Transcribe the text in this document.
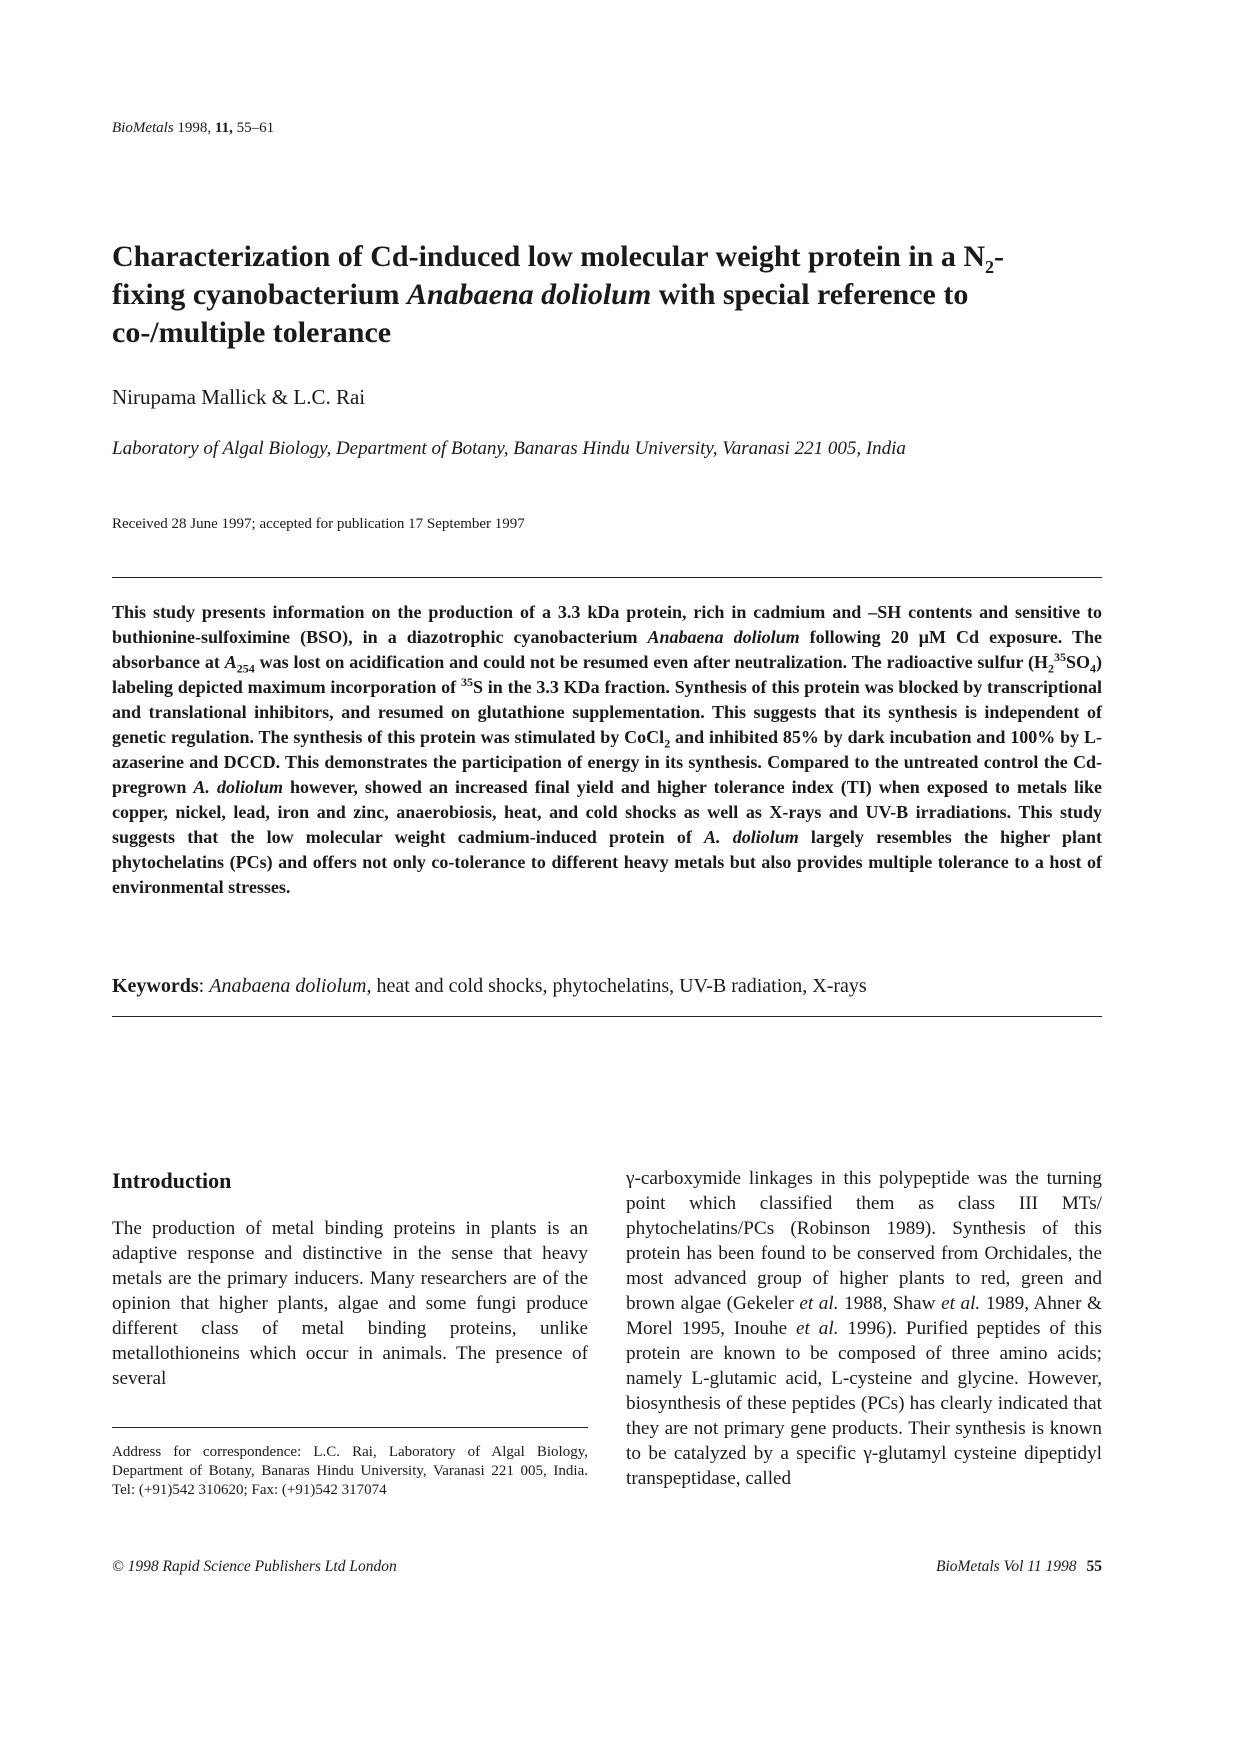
BioMetals 1998, 11, 55–61
Characterization of Cd-induced low molecular weight protein in a $N_2$-fixing cyanobacterium Anabaena doliolum with special reference to co-/multiple tolerance
Nirupama Mallick & L.C. Rai
Laboratory of Algal Biology, Department of Botany, Banaras Hindu University, Varanasi 221 005, India
Received 28 June 1997; accepted for publication 17 September 1997

This study presents information on the production of a 3.3 kDa protein, rich in cadmium and –SH contents and sensitive to buthionine-sulfoximine (BSO), in a diazotrophic cyanobacterium Anabaena doliolum following 20 μM Cd exposure. The absorbance at $A_{254}$ was lost on acidification and could not be resumed even after neutralization. The radioactive sulfur $(H_2^{35}SO_4)$ labeling depicted maximum incorporation of $^{35}$S in the 3.3 KDa fraction. Synthesis of this protein was blocked by transcriptional and translational inhibitors, and resumed on glutathione supplementation. This suggests that its synthesis is independent of genetic regulation. The synthesis of this protein was stimulated by CoCl$_2$ and inhibited 85% by dark incubation and 100% by L-azaserine and DCCD. This demonstrates the participation of energy in its synthesis. Compared to the untreated control the Cd-pregrown A. doliolum however, showed an increased final yield and higher tolerance index (TI) when exposed to metals like copper, nickel, lead, iron and zinc, anaerobiosis, heat, and cold shocks as well as X-rays and UV-B irradiations. This study suggests that the low molecular weight cadmium-induced protein of A. doliolum largely resembles the higher plant phytochelatins (PCs) and offers not only co-tolerance to different heavy metals but also provides multiple tolerance to a host of environmental stresses.

Keywords: Anabaena doliolum, heat and cold shocks, phytochelatins, UV-B radiation, X-rays
Introduction

The production of metal binding proteins in plants is an adaptive response and distinctive in the sense that heavy metals are the primary inducers. Many researchers are of the opinion that higher plants, algae and some fungi produce different class of metal binding proteins, unlike metallothioneins which occur in animals. The presence of several

Address for correspondence: L.C. Rai, Laboratory of Algal Biology, Department of Botany, Banaras Hindu University, Varanasi 221 005, India. Tel: (+91)542 310620; Fax: (+91)542 317074

γ-carboxymide linkages in this polypeptide was the turning point which classified them as class III MTs/ phytochelatins/PCs (Robinson 1989). Synthesis of this protein has been found to be conserved from Orchidales, the most advanced group of higher plants to red, green and brown algae (Gekeler et al. 1988, Shaw et al. 1989, Ahner & Morel 1995, Inouhe et al. 1996). Purified peptides of this protein are known to be composed of three amino acids; namely L-glutamic acid, L-cysteine and glycine. However, biosynthesis of these peptides (PCs) has clearly indicated that they are not primary gene products. Their synthesis is known to be catalyzed by a specific γ-glutamyl cysteine dipeptidyl transpeptidase, called

© 1998 Rapid Science Publishers Ltd London	BioMetals Vol 11 1998 55
